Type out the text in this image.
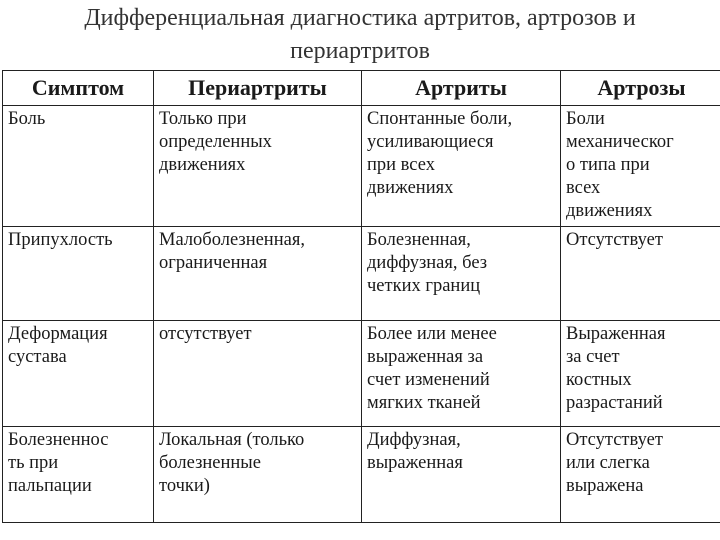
Дифференциальная диагностика артритов, артрозов и
периартритов
Симптом	Периартриты	Артриты	Артрозы

Боль	Только при
определенных
движениях	Спонтанные боли,
усиливающиеся
при всех
движениях	Боли
механическог
о типа при
всех
движениях

Припухлость	Малоболезненная,
ограниченная	Болезненная,
диффузная, без
четких границ	Отсутствует

Деформация
сустава	отсутствует	Более или менее
выраженная за
счет изменений
мягких тканей	Выраженная
за счет
костных
разрастаний

Болезненнос
ть при
пальпации	Локальная (только
болезненные
точки)	Диффузная,
выраженная	Отсутствует
или слегка
выражена
